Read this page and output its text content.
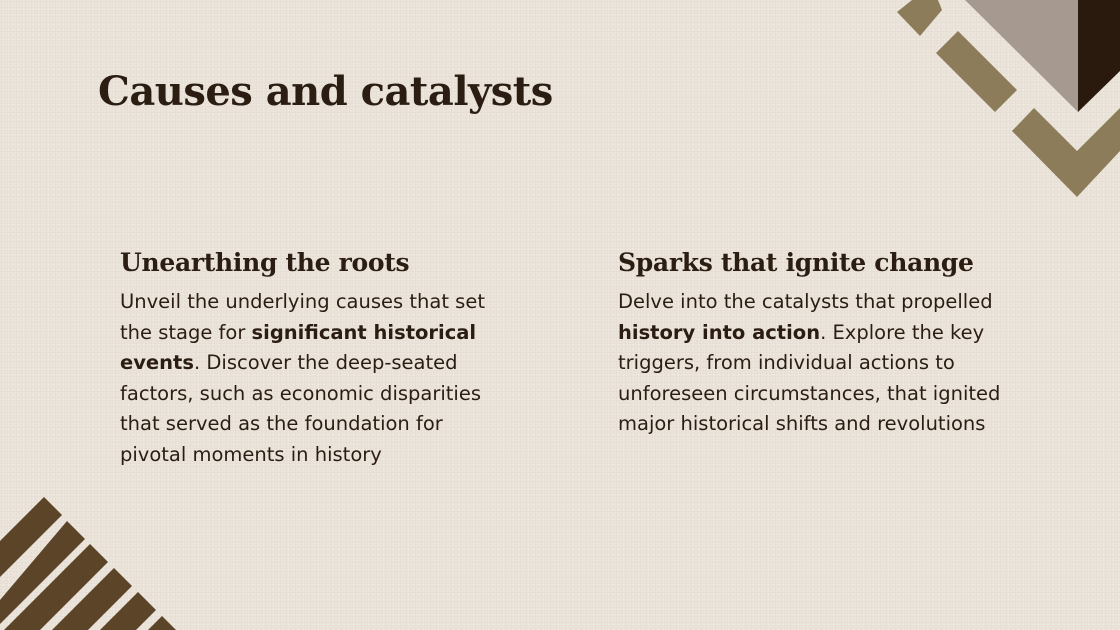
Causes and catalysts
Unearthing the roots

Unveil the underlying causes that set the stage for significant historical events. Discover the deep-seated factors, such as economic disparities that served as the foundation for pivotal moments in history

Sparks that ignite change

Delve into the catalysts that propelled history into action. Explore the key triggers, from individual actions to unforeseen circumstances, that ignited major historical shifts and revolutions
